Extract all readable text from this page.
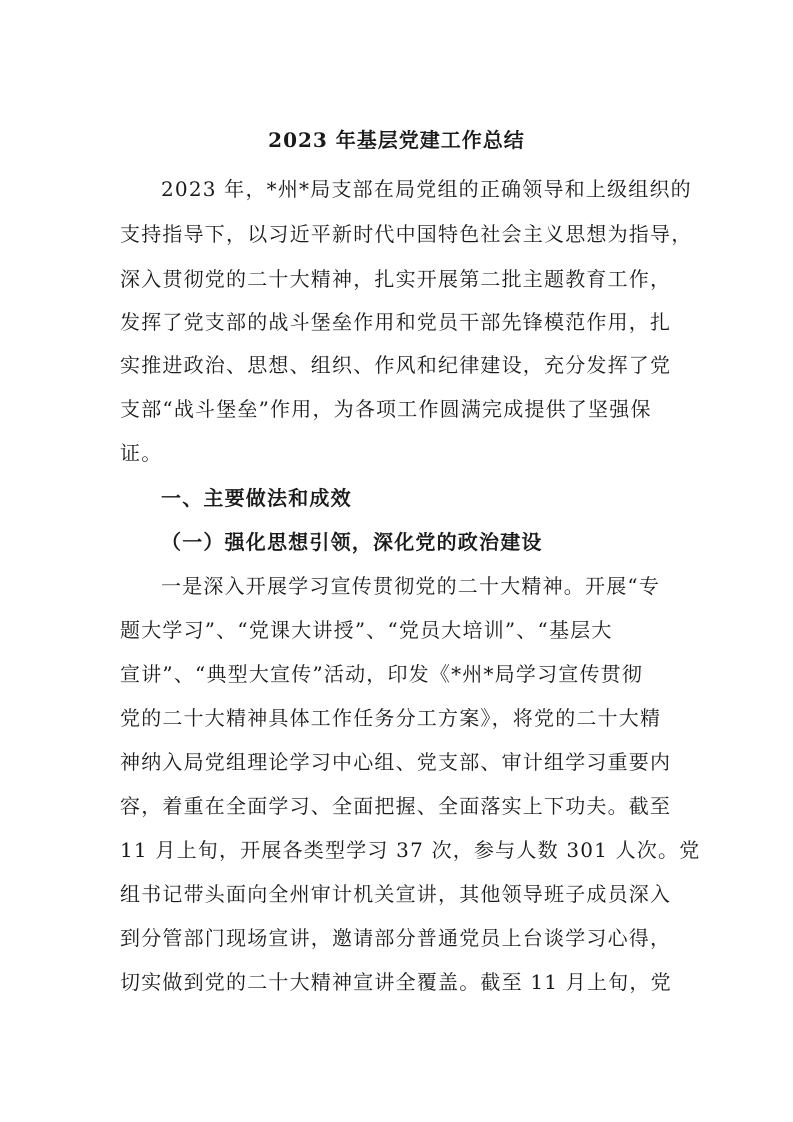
2023 年基层党建工作总结
2023 年，*州*局支部在局党组的正确领导和上级组织的
支持指导下，以习近平新时代中国特色社会主义思想为指导，
深入贯彻党的二十大精神，扎实开展第二批主题教育工作，
发挥了党支部的战斗堡垒作用和党员干部先锋模范作用，扎
实推进政治、思想、组织、作风和纪律建设，充分发挥了党
支部“战斗堡垒”作用，为各项工作圆满完成提供了坚强保
证。
一、主要做法和成效
（一）强化思想引领，深化党的政治建设
一是深入开展学习宣传贯彻党的二十大精神。开展“专
题大学习”、“党课大讲授”、“党员大培训”、“基层大
宣讲”、“典型大宣传”活动，印发《*州*局学习宣传贯彻
党的二十大精神具体工作任务分工方案》，将党的二十大精
神纳入局党组理论学习中心组、党支部、审计组学习重要内
容，着重在全面学习、全面把握、全面落实上下功夫。截至
11 月上旬，开展各类型学习 37 次，参与人数 301 人次。党
组书记带头面向全州审计机关宣讲，其他领导班子成员深入
到分管部门现场宣讲，邀请部分普通党员上台谈学习心得，
切实做到党的二十大精神宣讲全覆盖。截至 11 月上旬，党
